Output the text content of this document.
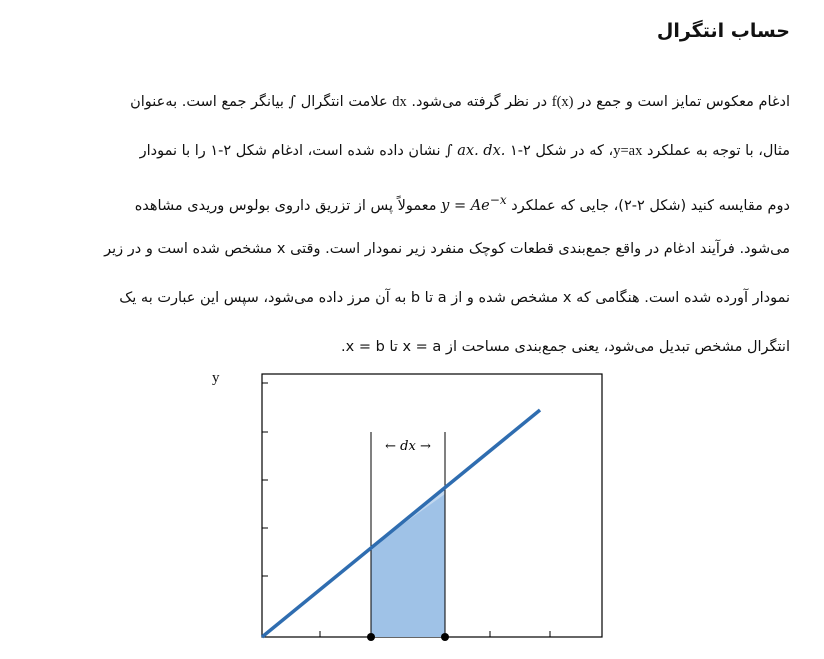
حساب انتگرال
ادغام معکوس تمایز است و جمع در f(x) در نظر گرفته می‌شود. dx علامت انتگرال ∫ بیانگر جمع است. به‌عنوان
مثال، با توجه به عملکرد y=ax، که در شکل ۲-۱ ∫ ax. dx. نشان داده شده است، ادغام شکل ۲-۱ را با نمودار
دوم مقایسه کنید (شکل ۲-۲)، جایی که عملکرد $y = Ae^{-x}$ معمولاً پس از تزریق داروی بولوس وریدی مشاهده
می‌شود. فرآیند ادغام در واقع جمع‌بندی قطعات کوچک منفرد زیر نمودار است. وقتی x مشخص شده است و در زیر
نمودار آورده شده است. هنگامی که x مشخص شده و از a تا b به آن مرز داده می‌شود، سپس این عبارت به یک
انتگرال مشخص تبدیل می‌شود، یعنی جمع‌بندی مساحت از x = a تا x = b.
y
← dx →
